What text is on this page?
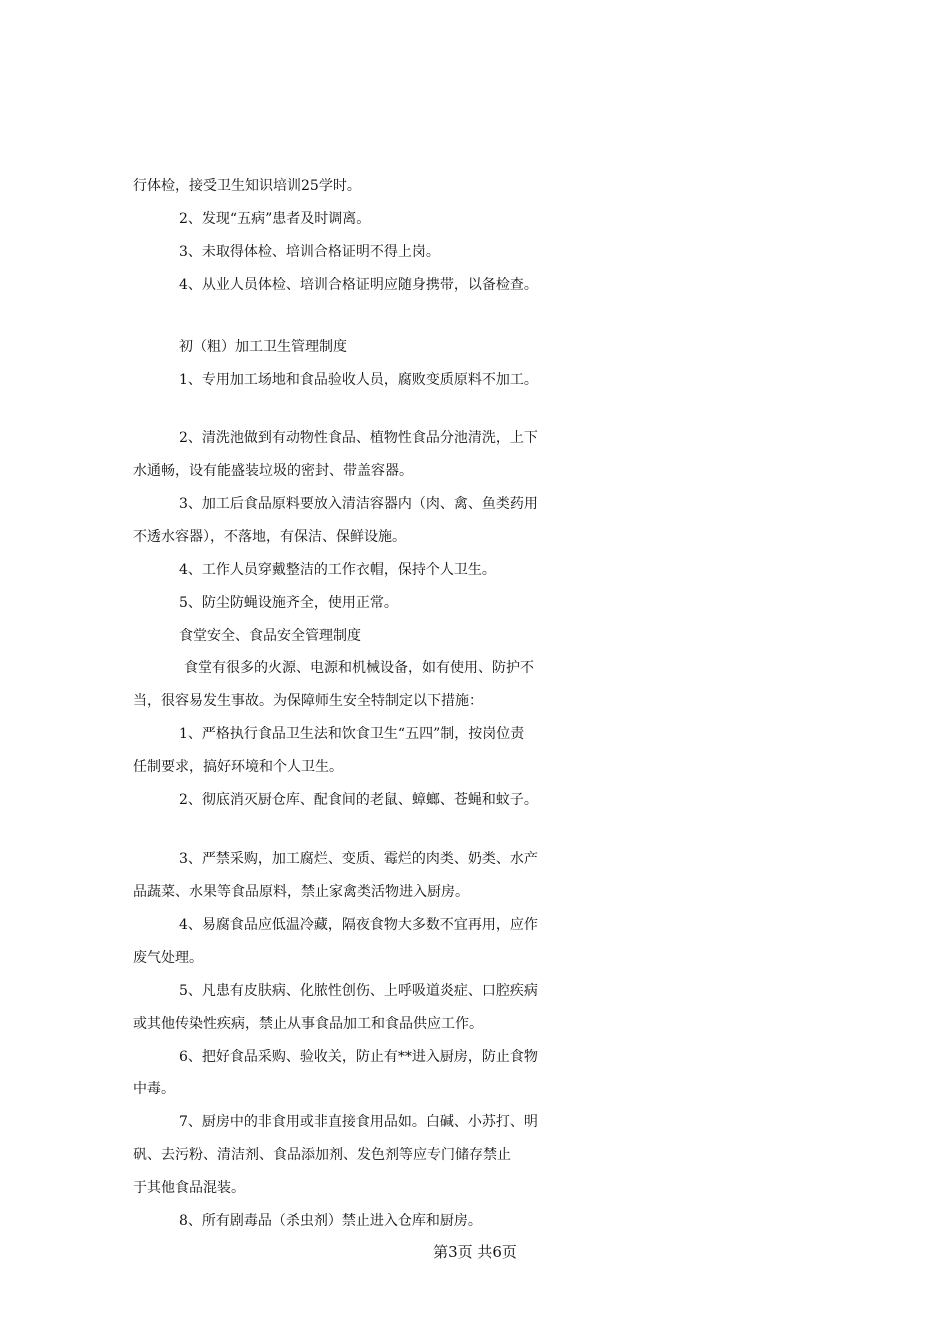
行体检，接受卫生知识培训25学时。
2、发现“五病”患者及时调离。
3、未取得体检、培训合格证明不得上岗。
4、从业人员体检、培训合格证明应随身携带，以备检查。
初（粗）加工卫生管理制度
1、专用加工场地和食品验收人员，腐败变质原料不加工。
2、清洗池做到有动物性食品、植物性食品分池清洗，上下
水通畅，设有能盛装垃圾的密封、带盖容器。
3、加工后食品原料要放入清洁容器内（肉、禽、鱼类药用
不透水容器），不落地，有保洁、保鲜设施。
4、工作人员穿戴整洁的工作衣帽，保持个人卫生。
5、防尘防蝇设施齐全，使用正常。
食堂安全、食品安全管理制度
食堂有很多的火源、电源和机械设备，如有使用、防护不
当，很容易发生事故。为保障师生安全特制定以下措施：
1、严格执行食品卫生法和饮食卫生“五四”制，按岗位责
任制要求，搞好环境和个人卫生。
2、彻底消灭厨仓库、配食间的老鼠、蟑螂、苍蝇和蚊子。
3、严禁采购，加工腐烂、变质、霉烂的肉类、奶类、水产
品蔬菜、水果等食品原料，禁止家禽类活物进入厨房。
4、易腐食品应低温冷藏，隔夜食物大多数不宜再用，应作
废气处理。
5、凡患有皮肤病、化脓性创伤、上呼吸道炎症、口腔疾病
或其他传染性疾病，禁止从事食品加工和食品供应工作。
6、把好食品采购、验收关，防止有**进入厨房，防止食物
中毒。
7、厨房中的非食用或非直接食用品如。白碱、小苏打、明
矾、去污粉、清洁剂、食品添加剂、发色剂等应专门储存禁止
于其他食品混装。
8、所有剧毒品（杀虫剂）禁止进入仓库和厨房。
第3页 共6页
